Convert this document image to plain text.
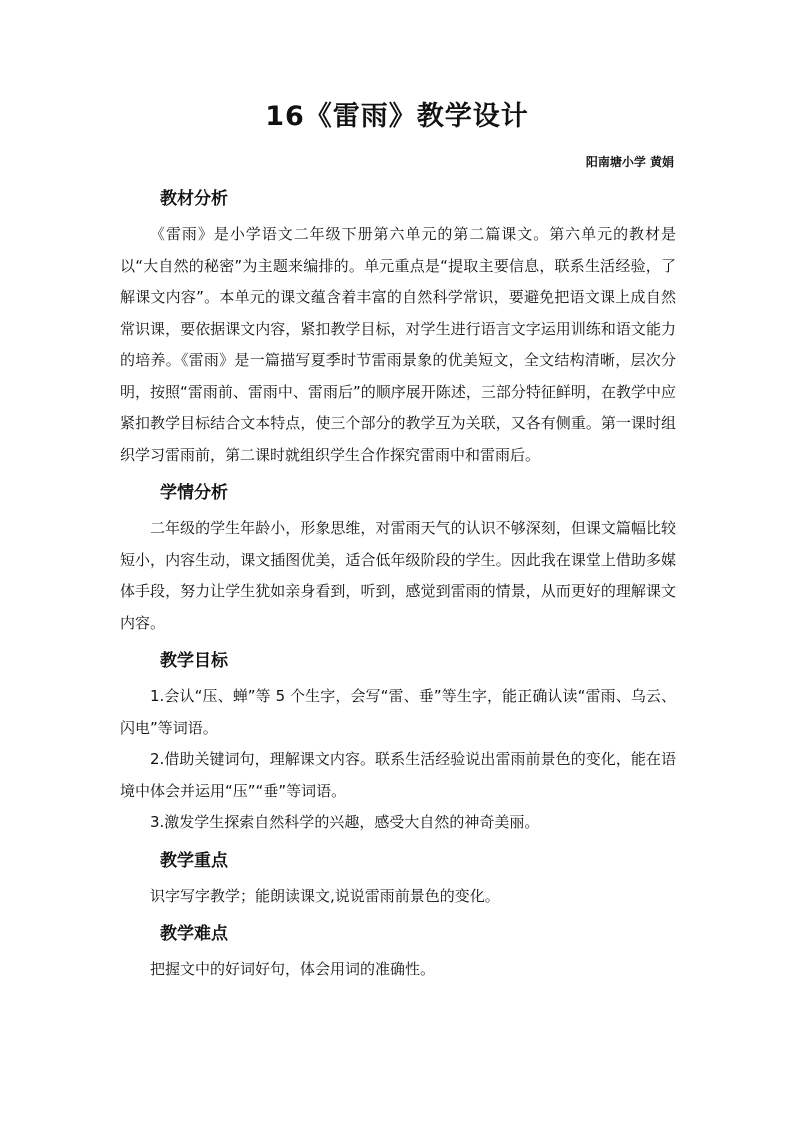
16《雷雨》教学设计
阳南塘小学 黄娟
教材分析

《雷雨》是小学语文二年级下册第六单元的第二篇课文。第六单元的教材是以“大自然的秘密”为主题来编排的。单元重点是“提取主要信息，联系生活经验，了解课文内容”。本单元的课文蕴含着丰富的自然科学常识，要避免把语文课上成自然常识课，要依据课文内容，紧扣教学目标，对学生进行语言文字运用训练和语文能力的培养。《雷雨》是一篇描写夏季时节雷雨景象的优美短文，全文结构清晰，层次分明，按照“雷雨前、雷雨中、雷雨后”的顺序展开陈述，三部分特征鲜明，在教学中应紧扣教学目标结合文本特点，使三个部分的教学互为关联，又各有侧重。第一课时组织学习雷雨前，第二课时就组织学生合作探究雷雨中和雷雨后。

学情分析

二年级的学生年龄小，形象思维，对雷雨天气的认识不够深刻，但课文篇幅比较短小，内容生动，课文插图优美，适合低年级阶段的学生。因此我在课堂上借助多媒体手段，努力让学生犹如亲身看到，听到，感觉到雷雨的情景，从而更好的理解课文内容。

教学目标

1.会认“压、蝉”等 5 个生字，会写“雷、垂”等生字，能正确认读“雷雨、乌云、闪电”等词语。

2.借助关键词句，理解课文内容。联系生活经验说出雷雨前景色的变化，能在语境中体会并运用“压”“垂”等词语。

3.激发学生探索自然科学的兴趣，感受大自然的神奇美丽。

教学重点

识字写字教学；能朗读课文,说说雷雨前景色的变化。

教学难点

把握文中的好词好句，体会用词的准确性。
